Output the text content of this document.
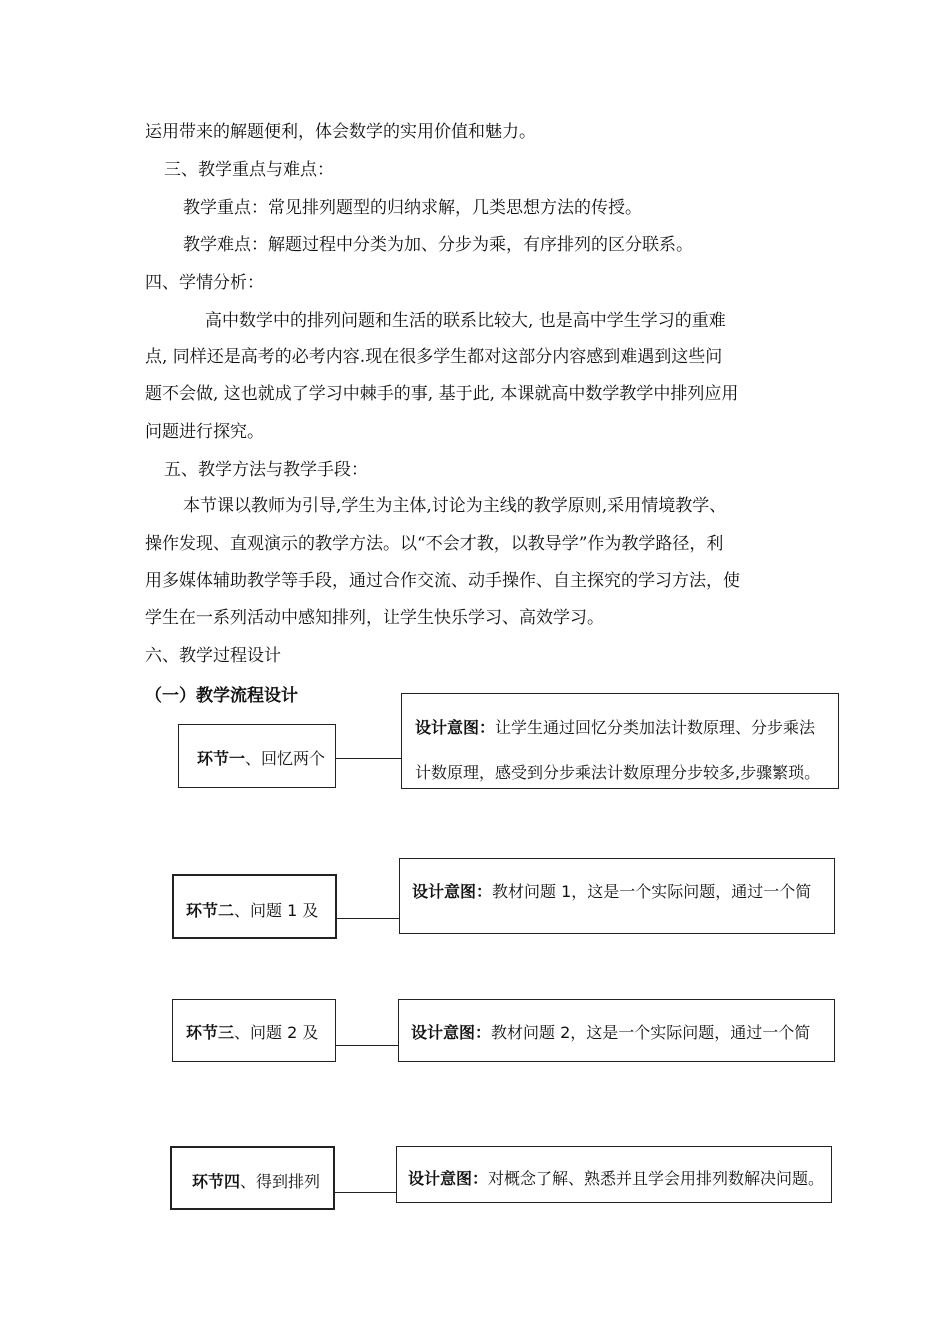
运用带来的解题便利，体会数学的实用价值和魅力。
三、教学重点与难点：
教学重点：常见排列题型的归纳求解，几类思想方法的传授。
教学难点：解题过程中分类为加、分步为乘，有序排列的区分联系。
四、学情分析：
高中数学中的排列问题和生活的联系比较大, 也是高中学生学习的重难
点, 同样还是高考的必考内容.现在很多学生都对这部分内容感到难遇到这些问
题不会做, 这也就成了学习中棘手的事, 基于此, 本课就高中数学教学中排列应用
问题进行探究。
五、教学方法与教学手段：
本节课以教师为引导,学生为主体,讨论为主线的教学原则,采用情境教学、
操作发现、直观演示的教学方法。以“不会才教，以教导学”作为教学路径，利
用多媒体辅助教学等手段，通过合作交流、动手操作、自主探究的学习方法，使
学生在一系列活动中感知排列，让学生快乐学习、高效学习。
六、教学过程设计
（一）教学流程设计
环节一、回忆两个
设计意图：让学生通过回忆分类加法计数原理、分步乘法
计数原理，感受到分步乘法计数原理分步较多,步骤繁琐。
环节二、问题 1 及
设计意图：教材问题 1，这是一个实际问题，通过一个简
环节三、问题 2 及	设计意图：教材问题 2，这是一个实际问题，通过一个简
环节四、得到排列	设计意图：对概念了解、熟悉并且学会用排列数解决问题。
